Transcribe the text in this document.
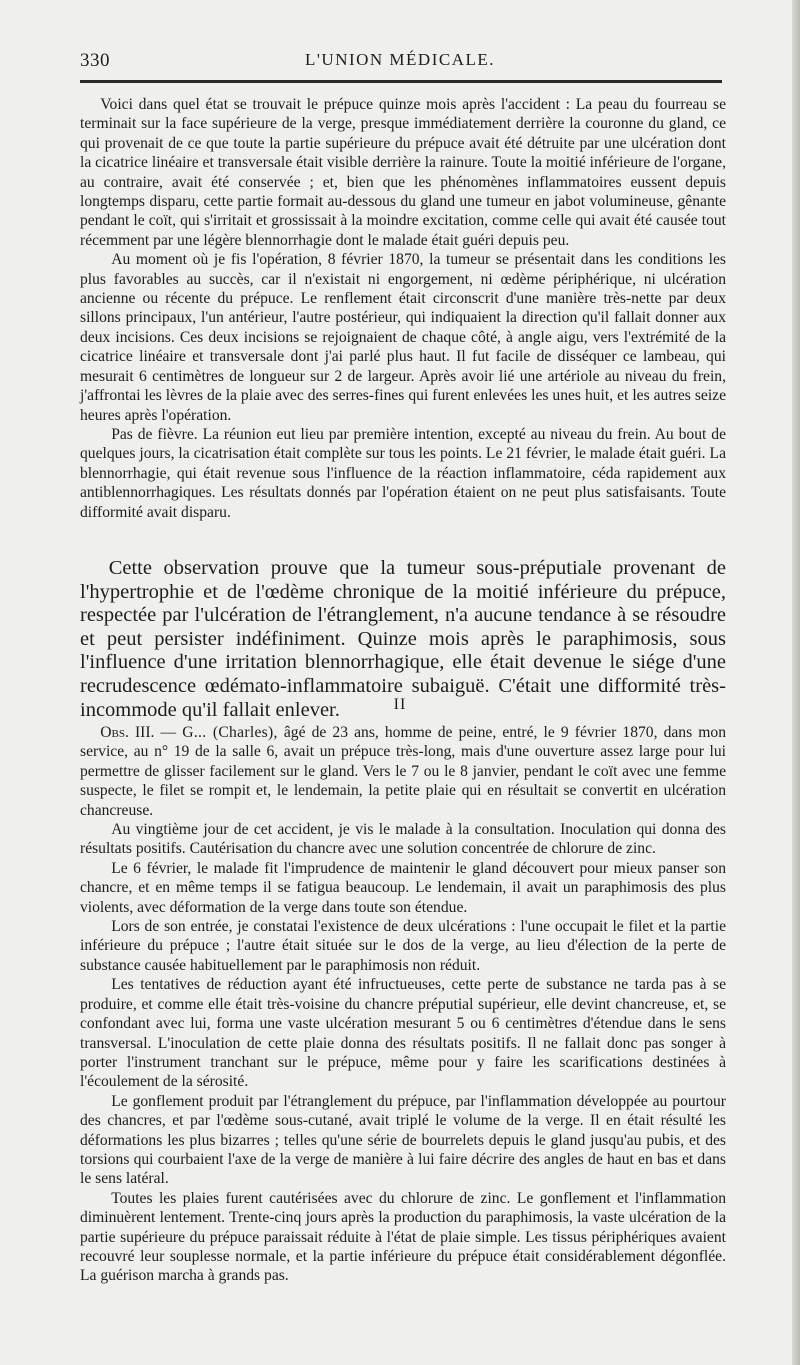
330	L'UNION MÉDICALE.

Voici dans quel état se trouvait le prépuce quinze mois après l'accident : La peau du fourreau se terminait sur la face supérieure de la verge, presque immédiatement derrière la couronne du gland, ce qui provenait de ce que toute la partie supérieure du prépuce avait été détruite par une ulcération dont la cicatrice linéaire et transversale était visible derrière la rainure. Toute la moitié inférieure de l'organe, au contraire, avait été conservée ; et, bien que les phénomènes inflammatoires eussent depuis longtemps disparu, cette partie formait au-dessous du gland une tumeur en jabot volumineuse, gênante pendant le coït, qui s'irritait et grossissait à la moindre excitation, comme celle qui avait été causée tout récemment par une légère blennorrhagie dont le malade était guéri depuis peu.

Au moment où je fis l'opération, 8 février 1870, la tumeur se présentait dans les conditions les plus favorables au succès, car il n'existait ni engorgement, ni œdème périphérique, ni ulcération ancienne ou récente du prépuce. Le renflement était circonscrit d'une manière très-nette par deux sillons principaux, l'un antérieur, l'autre postérieur, qui indiquaient la direction qu'il fallait donner aux deux incisions. Ces deux incisions se rejoignaient de chaque côté, à angle aigu, vers l'extrémité de la cicatrice linéaire et transversale dont j'ai parlé plus haut. Il fut facile de disséquer ce lambeau, qui mesurait 6 centimètres de longueur sur 2 de largeur. Après avoir lié une artériole au niveau du frein, j'affrontai les lèvres de la plaie avec des serres-fines qui furent enlevées les unes huit, et les autres seize heures après l'opération.

Pas de fièvre. La réunion eut lieu par première intention, excepté au niveau du frein. Au bout de quelques jours, la cicatrisation était complète sur tous les points. Le 21 février, le malade était guéri. La blennorrhagie, qui était revenue sous l'influence de la réaction inflammatoire, céda rapidement aux antiblennorrhagiques. Les résultats donnés par l'opération étaient on ne peut plus satisfaisants. Toute difformité avait disparu.

Cette observation prouve que la tumeur sous-préputiale provenant de l'hypertrophie et de l'œdème chronique de la moitié inférieure du prépuce, respectée par l'ulcération de l'étranglement, n'a aucune tendance à se résoudre et peut persister indéfiniment. Quinze mois après le paraphimosis, sous l'influence d'une irritation blennorrhagique, elle était devenue le siége d'une recrudescence œdémato-inflammatoire subaiguë. C'était une difformité très-incommode qu'il fallait enlever.	II

Obs. III. — G... (Charles), âgé de 23 ans, homme de peine, entré, le 9 février 1870, dans mon service, au n° 19 de la salle 6, avait un prépuce très-long, mais d'une ouverture assez large pour lui permettre de glisser facilement sur le gland. Vers le 7 ou le 8 janvier, pendant le coït avec une femme suspecte, le filet se rompit et, le lendemain, la petite plaie qui en résultait se convertit en ulcération chancreuse.

Au vingtième jour de cet accident, je vis le malade à la consultation. Inoculation qui donna des résultats positifs. Cautérisation du chancre avec une solution concentrée de chlorure de zinc.

Le 6 février, le malade fit l'imprudence de maintenir le gland découvert pour mieux panser son chancre, et en même temps il se fatigua beaucoup. Le lendemain, il avait un paraphimosis des plus violents, avec déformation de la verge dans toute son étendue.

Lors de son entrée, je constatai l'existence de deux ulcérations : l'une occupait le filet et la partie inférieure du prépuce ; l'autre était située sur le dos de la verge, au lieu d'élection de la perte de substance causée habituellement par le paraphimosis non réduit.

Les tentatives de réduction ayant été infructueuses, cette perte de substance ne tarda pas à se produire, et comme elle était très-voisine du chancre préputial supérieur, elle devint chancreuse, et, se confondant avec lui, forma une vaste ulcération mesurant 5 ou 6 centimètres d'étendue dans le sens transversal. L'inoculation de cette plaie donna des résultats positifs. Il ne fallait donc pas songer à porter l'instrument tranchant sur le prépuce, même pour y faire les scarifications destinées à l'écoulement de la sérosité.

Le gonflement produit par l'étranglement du prépuce, par l'inflammation développée au pourtour des chancres, et par l'œdème sous-cutané, avait triplé le volume de la verge. Il en était résulté les déformations les plus bizarres ; telles qu'une série de bourrelets depuis le gland jusqu'au pubis, et des torsions qui courbaient l'axe de la verge de manière à lui faire décrire des angles de haut en bas et dans le sens latéral.

Toutes les plaies furent cautérisées avec du chlorure de zinc. Le gonflement et l'inflammation diminuèrent lentement. Trente-cinq jours après la production du paraphimosis, la vaste ulcération de la partie supérieure du prépuce paraissait réduite à l'état de plaie simple. Les tissus périphériques avaient recouvré leur souplesse normale, et la partie inférieure du prépuce était considérablement dégonflée. La guérison marcha à grands pas.
